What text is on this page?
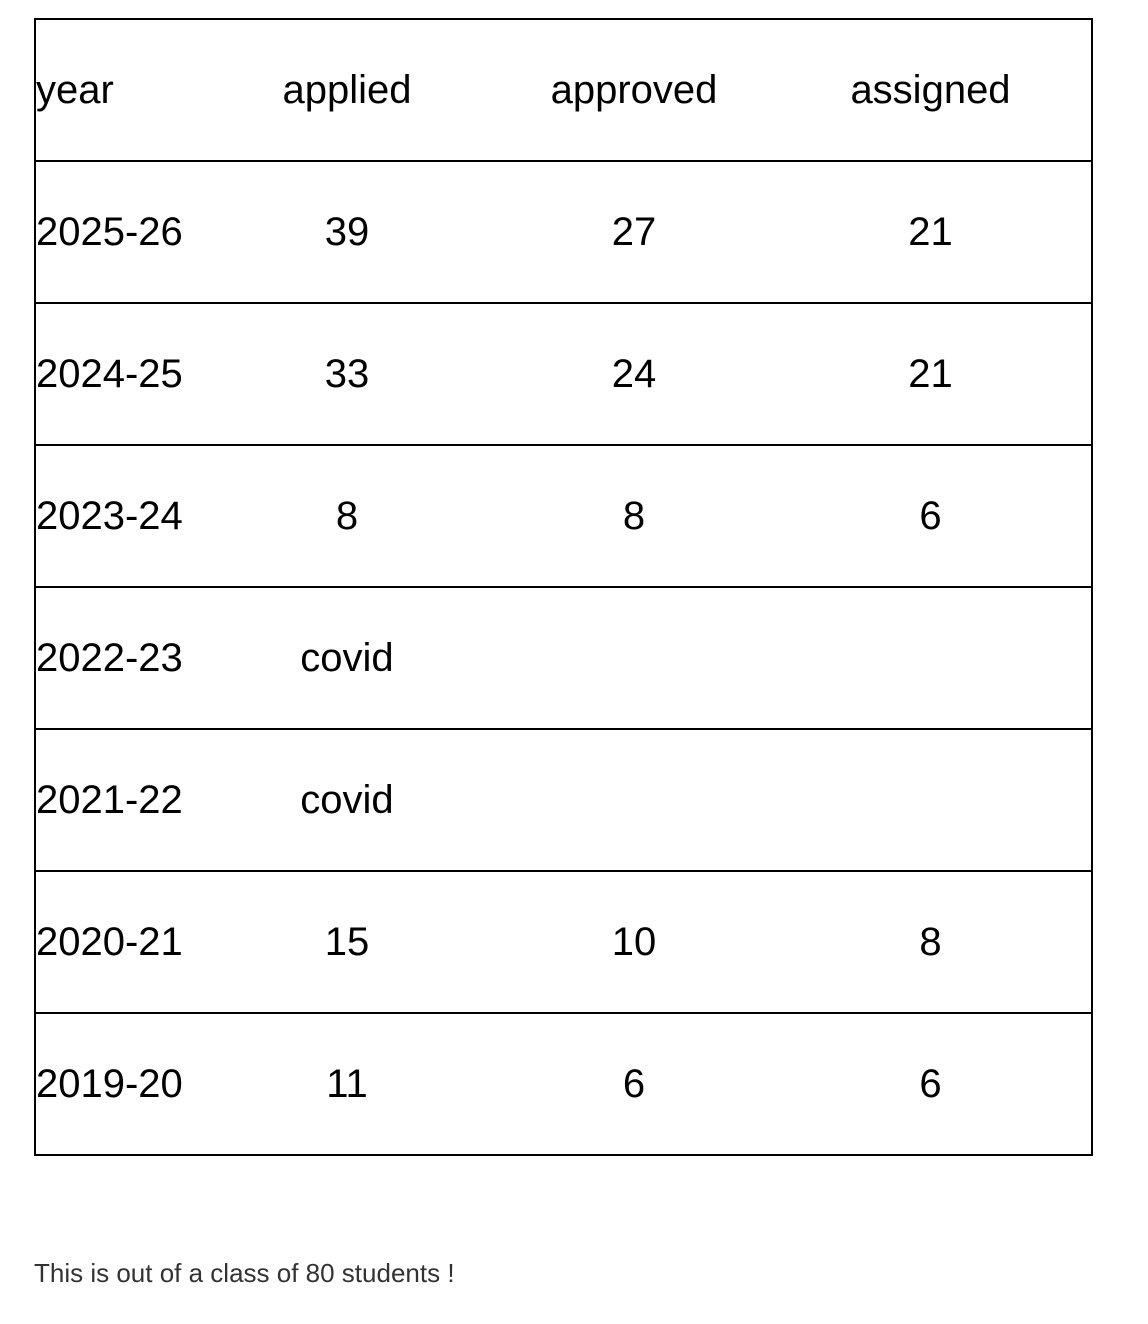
year	applied	approved	assigned
2025-26	39	27	21
2024-25	33	24	21
2023-24	8	8	6
2022-23	covid		
2021-22	covid		
2020-21	15	10	8
2019-20	11	6	6

This is out of a class of 80 students !
